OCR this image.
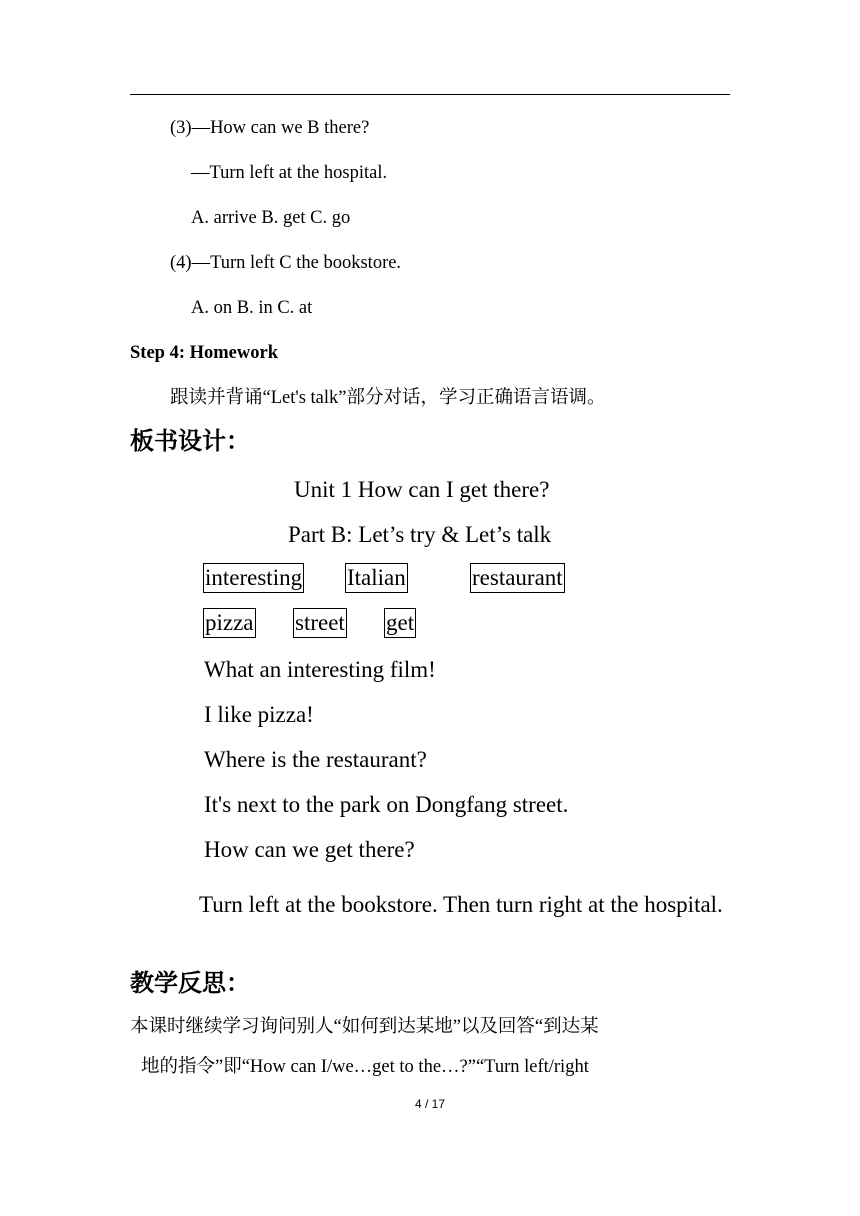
(3)—How can we B there?
—Turn left at the hospital.
A. arrive B. get C. go
(4)—Turn left C the bookstore.
A. on B. in C. at
Step 4: Homework
跟读并背诵“Let's talk”部分对话，学习正确语言语调。
板书设计：
Unit 1 How can I get there?
Part B: Let’s try & Let’s talk
interesting Italian	restaurant
pizza street get
What an interesting film!
I like pizza!
Where is the restaurant?
It's next to the park on Dongfang street.
How can we get there?
Turn left at the bookstore. Then turn right at the hospital.
教学反思：
本课时继续学习询问别人“如何到达某地”以及回答“到达某
地的指令”即“How can I/we…get to the…?”“Turn left/right
4 / 17
